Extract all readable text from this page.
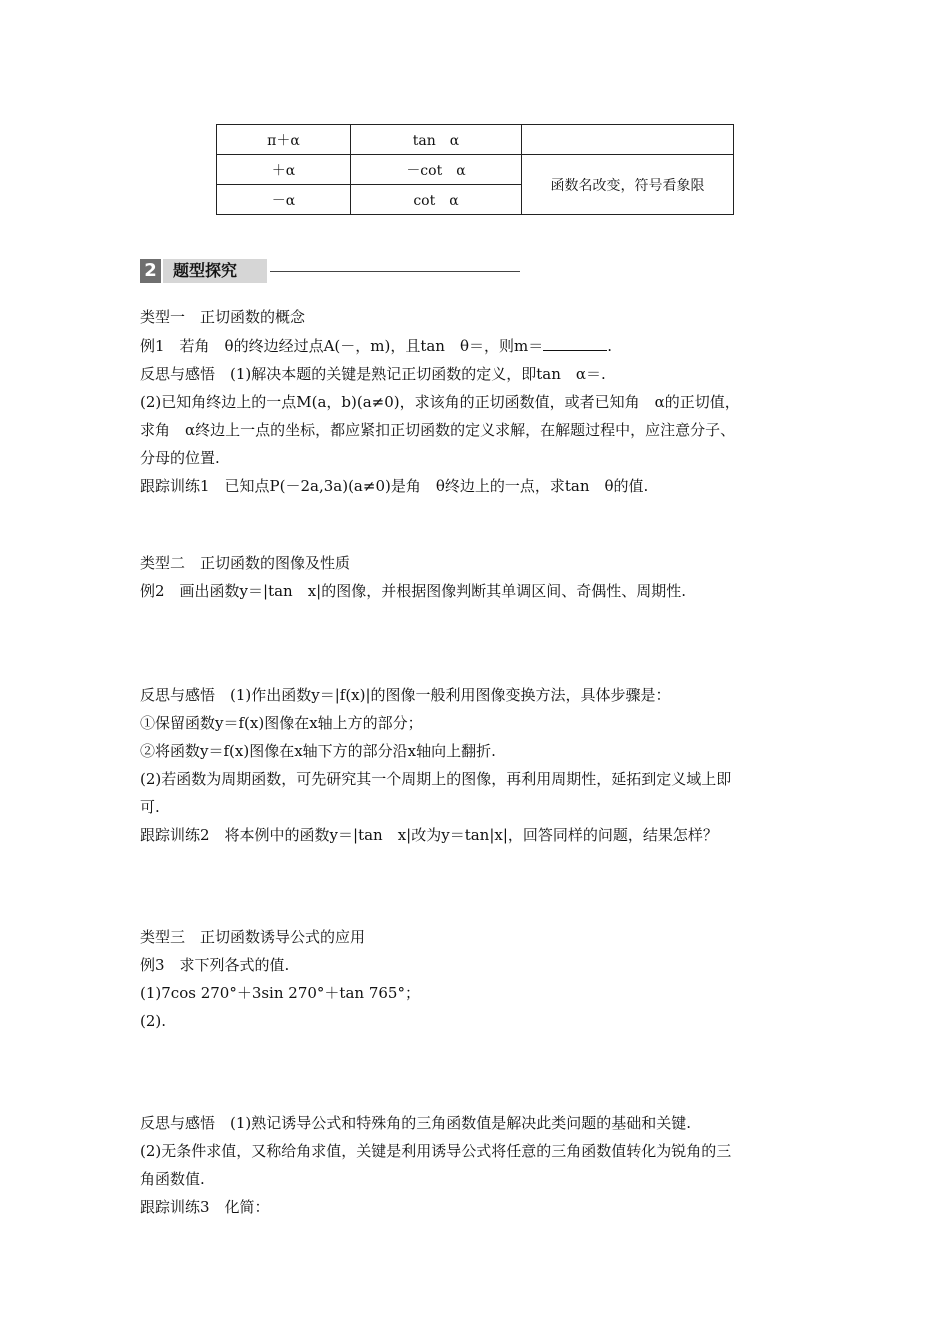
π＋α	tan　α	
＋α	－cot　α	函数名改变，符号看象限
－α	cot　α	
2	题型探究
类型一　正切函数的概念
例1　若角　θ的终边经过点A(－，m)，且tan　θ＝，则m＝	.
反思与感悟　(1)解决本题的关键是熟记正切函数的定义，即tan　α＝.
(2)已知角终边上的一点M(a，b)(a≠0)，求该角的正切函数值，或者已知角　α的正切值，
求角　α终边上一点的坐标，都应紧扣正切函数的定义求解，在解题过程中，应注意分子、
分母的位置.
跟踪训练1　已知点P(－2a,3a)(a≠0)是角　θ终边上的一点，求tan　θ的值.
类型二　正切函数的图像及性质
例2　画出函数y＝|tan　x|的图像，并根据图像判断其单调区间、奇偶性、周期性.
反思与感悟　(1)作出函数y＝|f(x)|的图像一般利用图像变换方法，具体步骤是：
①保留函数y＝f(x)图像在x轴上方的部分；
②将函数y＝f(x)图像在x轴下方的部分沿x轴向上翻折.
(2)若函数为周期函数，可先研究其一个周期上的图像，再利用周期性，延拓到定义域上即
可.
跟踪训练2　将本例中的函数y＝|tan　x|改为y＝tan|x|，回答同样的问题，结果怎样？
类型三　正切函数诱导公式的应用
例3　求下列各式的值.
(1)7cos 270°＋3sin 270°＋tan 765°；
(2).
反思与感悟　(1)熟记诱导公式和特殊角的三角函数值是解决此类问题的基础和关键.
(2)无条件求值，又称给角求值，关键是利用诱导公式将任意的三角函数值转化为锐角的三
角函数值.
跟踪训练3　化简：
